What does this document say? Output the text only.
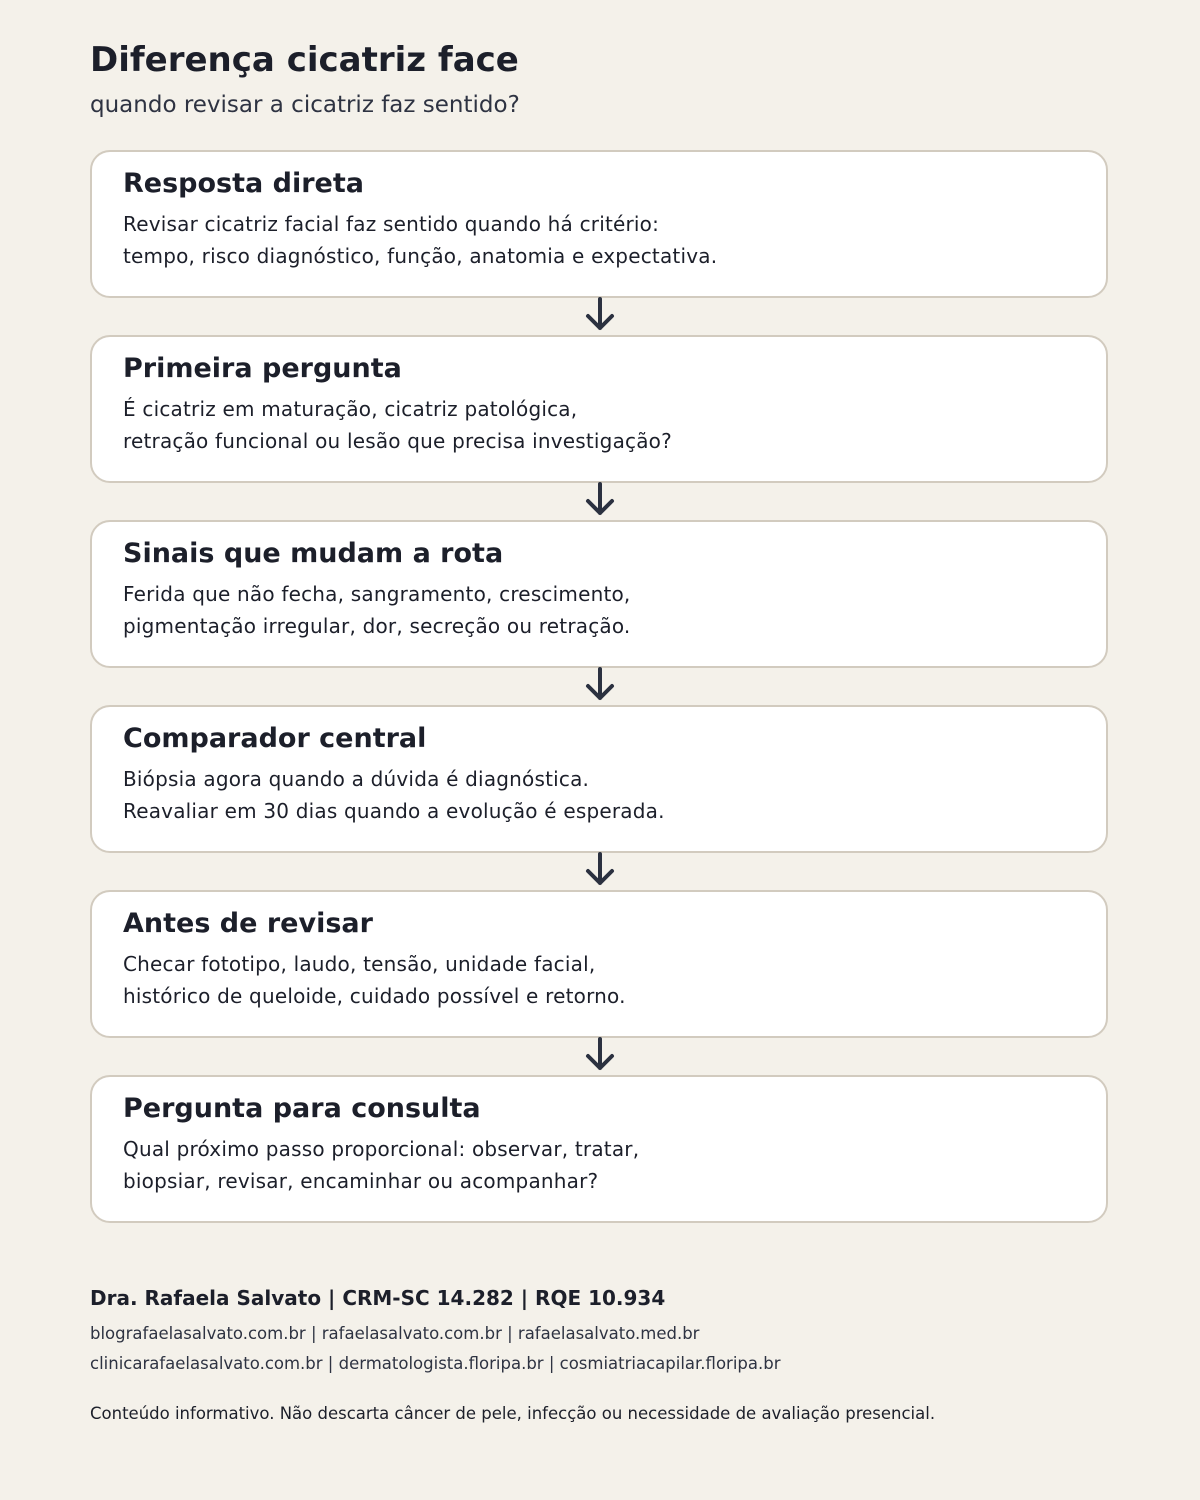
Diferença cicatriz face
quando revisar a cicatriz faz sentido?
Resposta direta
Revisar cicatriz facial faz sentido quando há critério:
tempo, risco diagnóstico, função, anatomia e expectativa.
Primeira pergunta
É cicatriz em maturação, cicatriz patológica,
retração funcional ou lesão que precisa investigação?
Sinais que mudam a rota
Ferida que não fecha, sangramento, crescimento,
pigmentação irregular, dor, secreção ou retração.
Comparador central
Biópsia agora quando a dúvida é diagnóstica.
Reavaliar em 30 dias quando a evolução é esperada.
Antes de revisar
Checar fototipo, laudo, tensão, unidade facial,
histórico de queloide, cuidado possível e retorno.
Pergunta para consulta
Qual próximo passo proporcional: observar, tratar,
biopsiar, revisar, encaminhar ou acompanhar?
Dra. Rafaela Salvato | CRM-SC 14.282 | RQE 10.934
blografaelasalvato.com.br | rafaelasalvato.com.br | rafaelasalvato.med.br
clinicarafaelasalvato.com.br | dermatologista.floripa.br | cosmiatriacapilar.floripa.br
Conteúdo informativo. Não descarta câncer de pele, infecção ou necessidade de avaliação presencial.
